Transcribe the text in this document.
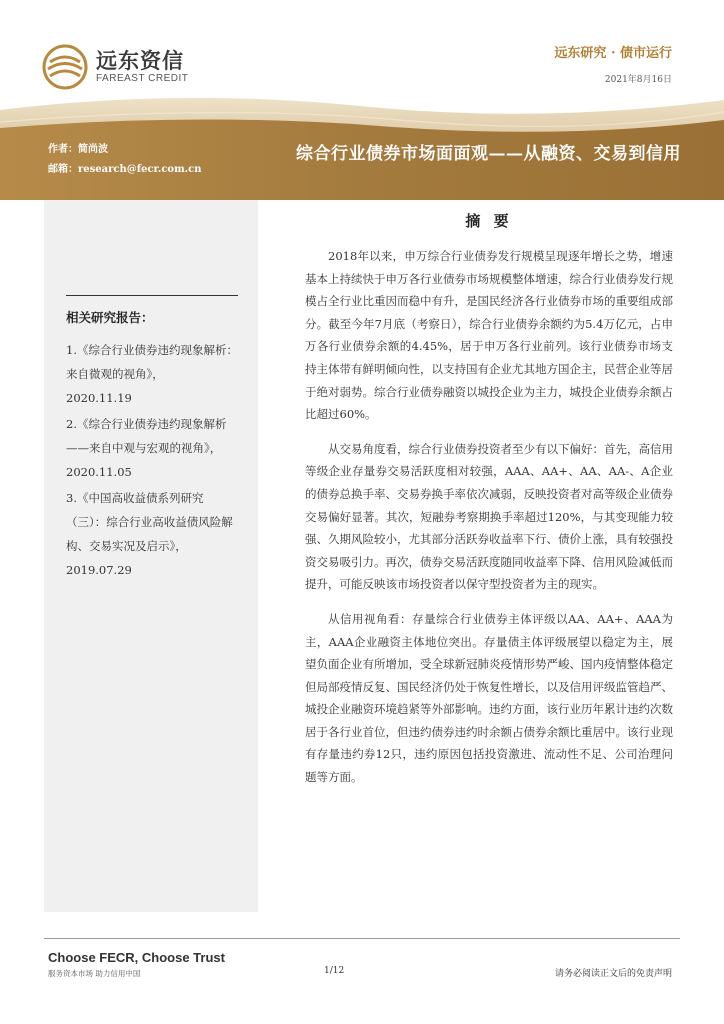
远东资信
FAREAST CREDIT
远东研究 · 债市运行
2021年8月16日
作者：简尚波
邮箱：research@fecr.com.cn
综合行业债券市场面面观——从融资、交易到信用
相关研究报告：
1.《综合行业债券违约现象解析：来自微观的视角》，
2020.11.19
2.《综合行业债券违约现象解析——来自中观与宏观的视角》，
2020.11.05
3.《中国高收益债系列研究（三）：综合行业高收益债风险解构、交易实况及启示》，
2019.07.29
摘 要

2018年以来，申万综合行业债券发行规模呈现逐年增长之势，增速基本上持续快于申万各行业债券市场规模整体增速，综合行业债券发行规模占全行业比重因而稳中有升，是国民经济各行业债券市场的重要组成部分。截至今年7月底（考察日），综合行业债券余额约为5.4万亿元，占申万各行业债券余额的4.45%，居于申万各行业前列。该行业债券市场支持主体带有鲜明倾向性，以支持国有企业尤其地方国企主，民营企业等居于绝对弱势。综合行业债券融资以城投企业为主力，城投企业债券余额占比超过60%。

从交易角度看，综合行业债券投资者至少有以下偏好：首先，高信用等级企业存量券交易活跃度相对较强，AAA、AA+、AA、AA-、A企业的债券总换手率、交易券换手率依次减弱，反映投资者对高等级企业债券交易偏好显著。其次，短融券考察期换手率超过120%，与其变现能力较强、久期风险较小，尤其部分活跃券收益率下行、债价上涨，具有较强投资交易吸引力。再次，债券交易活跃度随同收益率下降、信用风险减低而提升，可能反映该市场投资者以保守型投资者为主的现实。

从信用视角看：存量综合行业债券主体评级以AA、AA+、AAA为主，AAA企业融资主体地位突出。存量债主体评级展望以稳定为主，展望负面企业有所增加，受全球新冠肺炎疫情形势严峻、国内疫情整体稳定但局部疫情反复、国民经济仍处于恢复性增长，以及信用评级监管趋严、城投企业融资环境趋紧等外部影响。违约方面，该行业历年累计违约次数居于各行业首位，但违约债券违约时余额占债券余额比重居中。该行业现有存量违约券12只，违约原因包括投资激进、流动性不足、公司治理问题等方面。

Choose FECR, Choose Trust
服务资本市场 助力信用中国	1/12	请务必阅读正文后的免责声明
